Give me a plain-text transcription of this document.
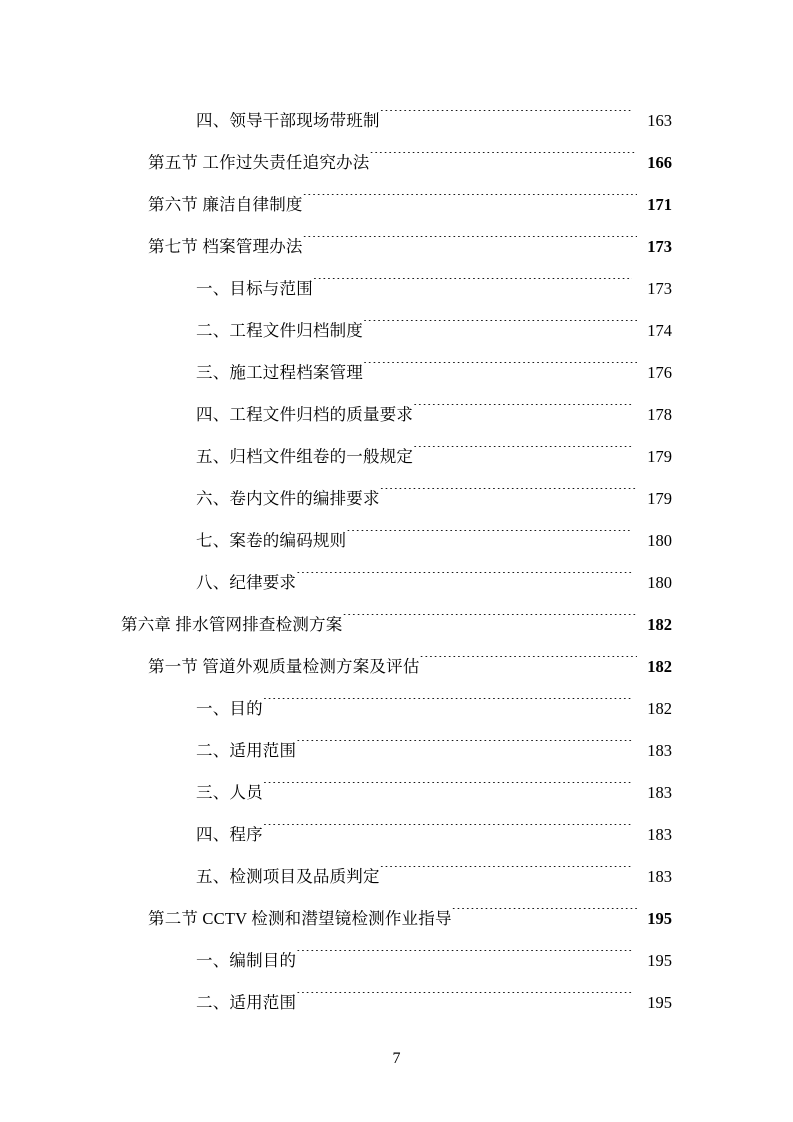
四、领导干部现场带班制 .....	163
第五节 工作过失责任追究办法 .....	166
第六节 廉洁自律制度 .....	171
第七节 档案管理办法 .....	173
一、目标与范围 .....	173
二、工程文件归档制度 .....	174
三、施工过程档案管理 .....	176
四、工程文件归档的质量要求 .....	178
五、归档文件组卷的一般规定 .....	179
六、卷内文件的编排要求 .....	179
七、案卷的编码规则 .....	180
八、纪律要求 .....	180
第六章 排水管网排查检测方案 .....	182
第一节 管道外观质量检测方案及评估 .....	182
一、目的 .....	182
二、适用范围 .....	183
三、人员 .....	183
四、程序 .....	183
五、检测项目及品质判定 .....	183
第二节 CCTV 检测和潜望镜检测作业指导 .....	195
一、编制目的 .....	195
二、适用范围 .....	195
7
